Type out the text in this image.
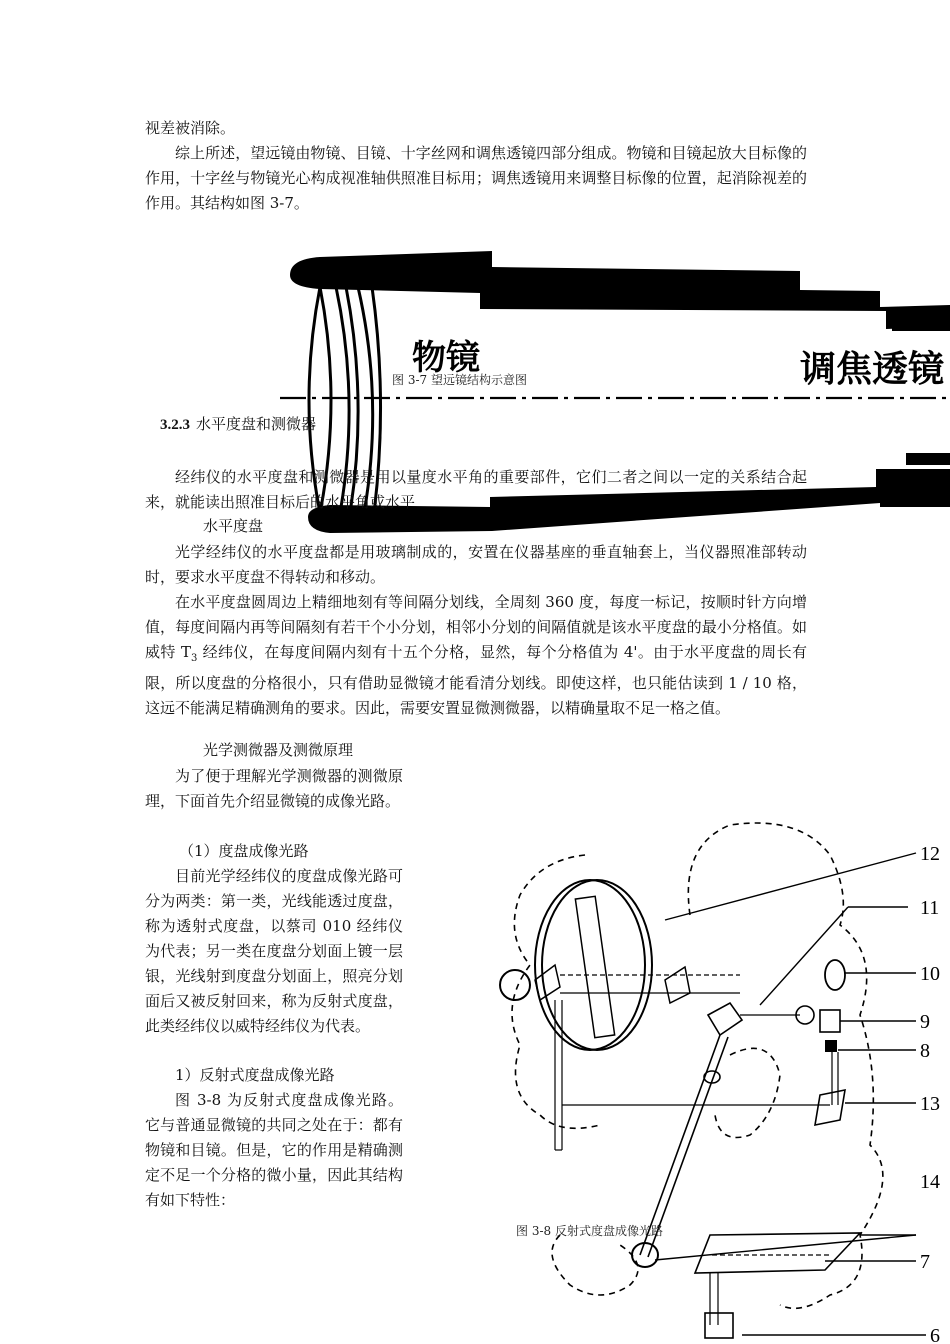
视差被消除。

综上所述，望远镜由物镜、目镜、十字丝网和调焦透镜四部分组成。物镜和目镜起放大目标像的作用，十字丝与物镜光心构成视准轴供照准目标用；调焦透镜用来调整目标像的位置，起消除视差的作用。其结构如图 3-7。

物镜	调焦透镜
图 3-7 望远镜结构示意图
3.2.3 水平度盘和测微器

经纬仪的水平度盘和测微器是用以量度水平角的重要部件，它们二者之间以一定的关系结合起来，就能读出照准目标后的水平角或水平

水平度盘

光学经纬仪的水平度盘都是用玻璃制成的，安置在仪器基座的垂直轴套上，当仪器照准部转动时，要求水平度盘不得转动和移动。

在水平度盘圆周边上精细地刻有等间隔分划线，全周刻 360 度，每度一标记，按顺时针方向增值，每度间隔内再等间隔刻有若干个小分划，相邻小分划的间隔值就是该水平度盘的最小分格值。如威特 $T_3$ 经纬仪，在每度间隔内刻有十五个分格，显然，每个分格值为 4'。由于水平度盘的周长有限，所以度盘的分格很小，只有借助显微镜才能看清分划线。即使这样，也只能估读到 1 / 10 格，这远不能满足精确测角的要求。因此，需要安置显微测微器，以精确量取不足一格之值。

光学测微器及测微原理

为了便于理解光学测微器的测微原理，下面首先介绍显微镜的成像光路。

（1）度盘成像光路

目前光学经纬仪的度盘成像光路可分为两类：第一类，光线能透过度盘，称为透射式度盘，以蔡司 010 经纬仪为代表；另一类在度盘分划面上镀一层银，光线射到度盘分划面上，照亮分划面后又被反射回来，称为反射式度盘，此类经纬仪以威特经纬仪为代表。

1）反射式度盘成像光路

图 3-8 为反射式度盘成像光路。它与普通显微镜的共同之处在于：都有物镜和目镜。但是，它的作用是精确测定不足一个分格的微小量，因此其结构有如下特性：

12
11
10
9
8
13
14
7
6
图 3-8 反射式度盘成像光路
